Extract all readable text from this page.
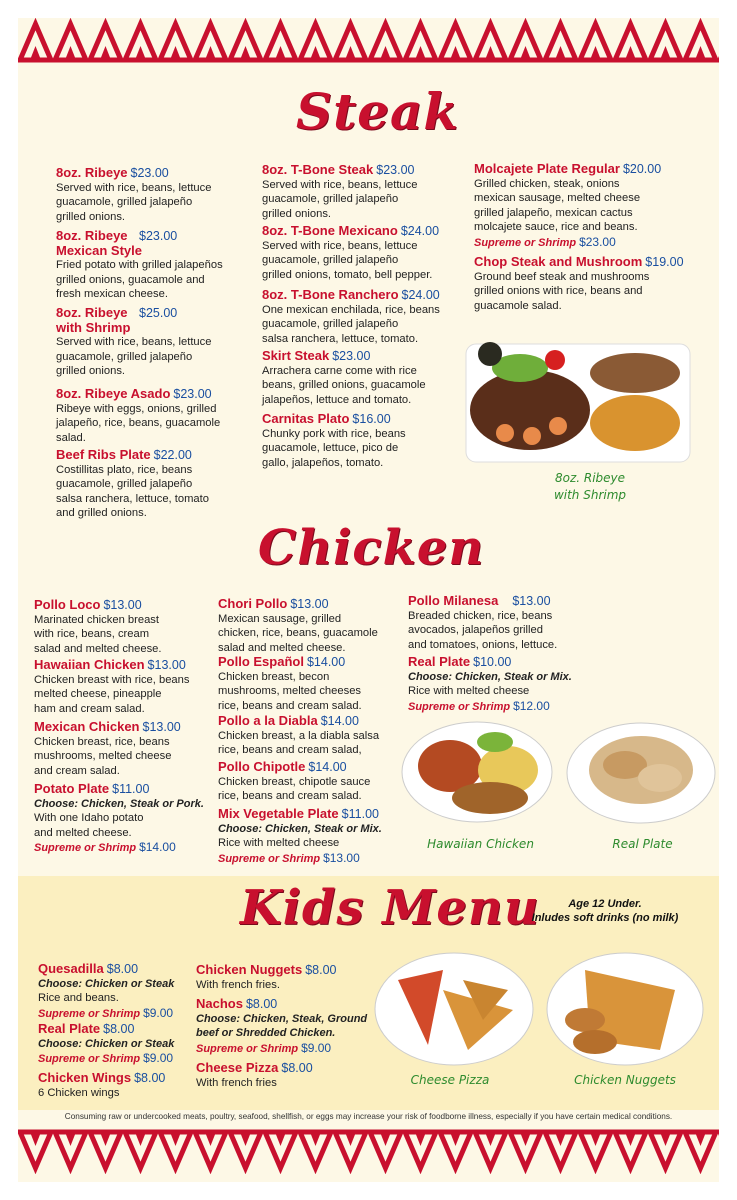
Steak
8oz. Ribeye $23.00
Served with rice, beans, lettuce
guacamole, grilled jalapeño
grilled onions.
8oz. Ribeye
Mexican Style
$23.00
Fried potato with grilled jalapeños
grilled onions, guacamole and
fresh mexican cheese.
8oz. Ribeye
with Shrimp
$25.00
Served with rice, beans, lettuce
guacamole, grilled jalapeño
grilled onions.
8oz. Ribeye Asado $23.00
Ribeye with eggs, onions, grilled
jalapeño, rice, beans, guacamole
salad.
Beef Ribs Plate $22.00
Costillitas plato, rice, beans
guacamole, grilled jalapeño
salsa ranchera, lettuce, tomato
and grilled onions.
8oz. T-Bone Steak $23.00
Served with rice, beans, lettuce
guacamole, grilled jalapeño
grilled onions.
8oz. T-Bone Mexicano $24.00
Served with rice, beans, lettuce
guacamole, grilled jalapeño
grilled onions, tomato, bell pepper.
8oz. T-Bone Ranchero $24.00
One mexican enchilada, rice, beans
guacamole, grilled jalapeño
salsa ranchera, lettuce, tomato.
Skirt Steak $23.00
Arrachera carne come with rice
beans, grilled onions, guacamole
jalapeños, lettuce and tomato.
Carnitas Plato $16.00
Chunky pork with rice, beans
guacamole, lettuce, pico de
gallo, jalapeños, tomato.
Molcajete Plate Regular $20.00
Grilled chicken, steak, onions
mexican sausage, melted cheese
grilled jalapeño, mexican cactus
molcajete sauce, rice and beans.
Supreme or Shrimp $23.00
Chop Steak and Mushroom $19.00
Ground beef steak and mushrooms
grilled onions with rice, beans and
guacamole salad.
8oz. Ribeye
with Shrimp
Chicken
Pollo Loco $13.00
Marinated chicken breast
with rice, beans, cream
salad and melted cheese.
Hawaiian Chicken $13.00
Chicken breast with rice, beans
melted cheese, pineapple
ham and cream salad.
Mexican Chicken $13.00
Chicken breast, rice, beans
mushrooms, melted cheese
and cream salad.
Potato Plate $11.00
Choose: Chicken, Steak or Pork.
With one Idaho potato
and melted cheese.
Supreme or Shrimp $14.00
Chori Pollo $13.00
Mexican sausage, grilled
chicken, rice, beans, guacamole
salad and melted cheese.
Pollo Español $14.00
Chicken breast, becon
mushrooms, melted cheeses
rice, beans and cream salad.
Pollo a la Diabla $14.00
Chicken breast, a la diabla salsa
rice, beans and cream salad,
Pollo Chipotle $14.00
Chicken breast, chipotle sauce
rice, beans and cream salad.
Mix Vegetable Plate $11.00
Choose: Chicken, Steak or Mix.
Rice with melted cheese
Supreme or Shrimp $13.00
Pollo Milanesa $13.00
Breaded chicken, rice, beans
avocados, jalapeños grilled
and tomatoes, onions, lettuce.
Real Plate $10.00
Choose: Chicken, Steak or Mix.
Rice with melted cheese
Supreme or Shrimp $12.00
Hawaiian Chicken	Real Plate
Kids Menu	Age 12 Under.
Inludes soft drinks (no milk)
Quesadilla $8.00
Choose: Chicken or Steak
Rice and beans.
Supreme or Shrimp $9.00
Real Plate $8.00
Choose: Chicken or Steak
Supreme or Shrimp $9.00
Chicken Wings $8.00
6 Chicken wings
Chicken Nuggets $8.00
With french fries.
Nachos $8.00
Choose: Chicken, Steak, Ground
beef or Shredded Chicken.
Supreme or Shrimp $9.00
Cheese Pizza $8.00
With french fries	Cheese Pizza	Chicken Nuggets
Consuming raw or undercooked meats, poultry, seafood, shellfish, or eggs may increase your risk of foodborne illness, especially if you have certain medical conditions.
